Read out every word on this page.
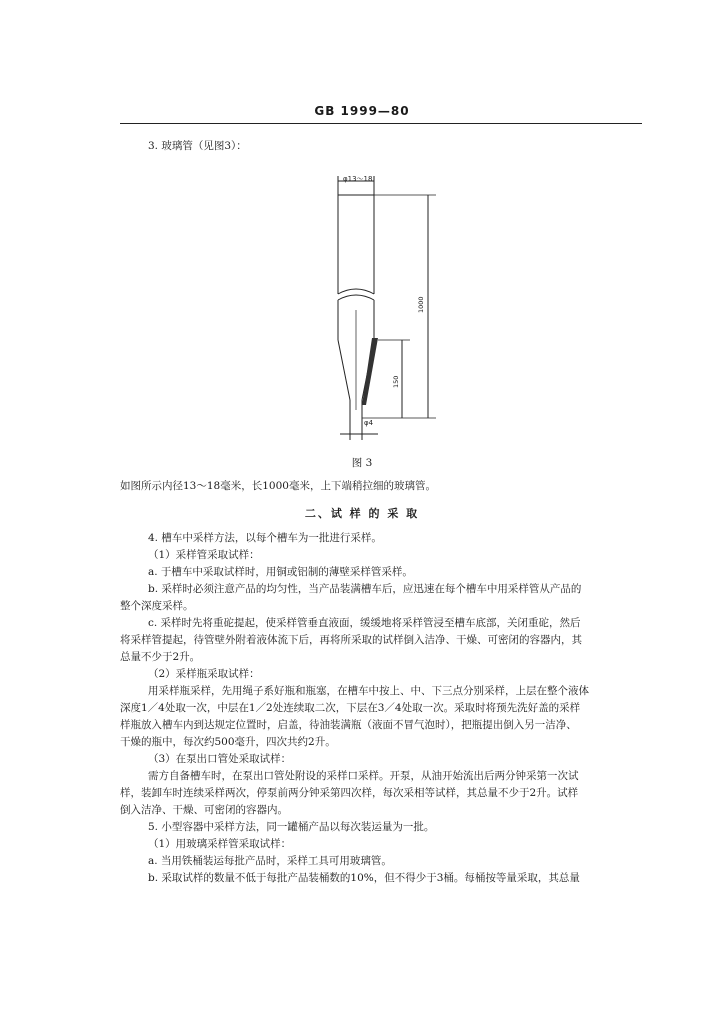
GB 1999—80
3. 玻璃管（见图3）：
φ13～18
1000
150
φ4
图 3
如图所示内径13～18毫米，长1000毫米，上下端稍拉细的玻璃管。
二、试 样 的 采 取
4. 槽车中采样方法，以每个槽车为一批进行采样。
（1）采样管采取试样：
a. 于槽车中采取试样时，用铜或铝制的薄壁采样管采样。
b. 采样时必须注意产品的均匀性，当产品装满槽车后，应迅速在每个槽车中用采样管从产品的
整个深度采样。
c. 采样时先将重砣提起，使采样管垂直液面，缓缓地将采样管浸至槽车底部，关闭重砣，然后
将采样管提起，待管壁外附着液体流下后，再将所采取的试样倒入洁净、干燥、可密闭的容器内，其
总量不少于2升。
（2）采样瓶采取试样：
用采样瓶采样，先用绳子系好瓶和瓶塞，在槽车中按上、中、下三点分别采样，上层在整个液体
深度1／4处取一次，中层在1／2处连续取二次，下层在3／4处取一次。采取时将预先洗好盖的采样
样瓶放入槽车内到达规定位置时，启盖，待油装满瓶（液面不冒气泡时），把瓶提出倒入另一洁净、
干燥的瓶中，每次约500毫升，四次共约2升。
（3）在泵出口管处采取试样：
需方自备槽车时，在泵出口管处附设的采样口采样。开泵，从油开始流出后两分钟采第一次试
样，装卸车时连续采样两次，停泵前两分钟采第四次样，每次采相等试样，其总量不少于2升。试样
倒入洁净、干燥、可密闭的容器内。
5. 小型容器中采样方法，同一罐桶产品以每次装运量为一批。
（1）用玻璃采样管采取试样：
a. 当用铁桶装运每批产品时，采样工具可用玻璃管。
b. 采取试样的数量不低于每批产品装桶数的10%，但不得少于3桶。每桶按等量采取，其总量
